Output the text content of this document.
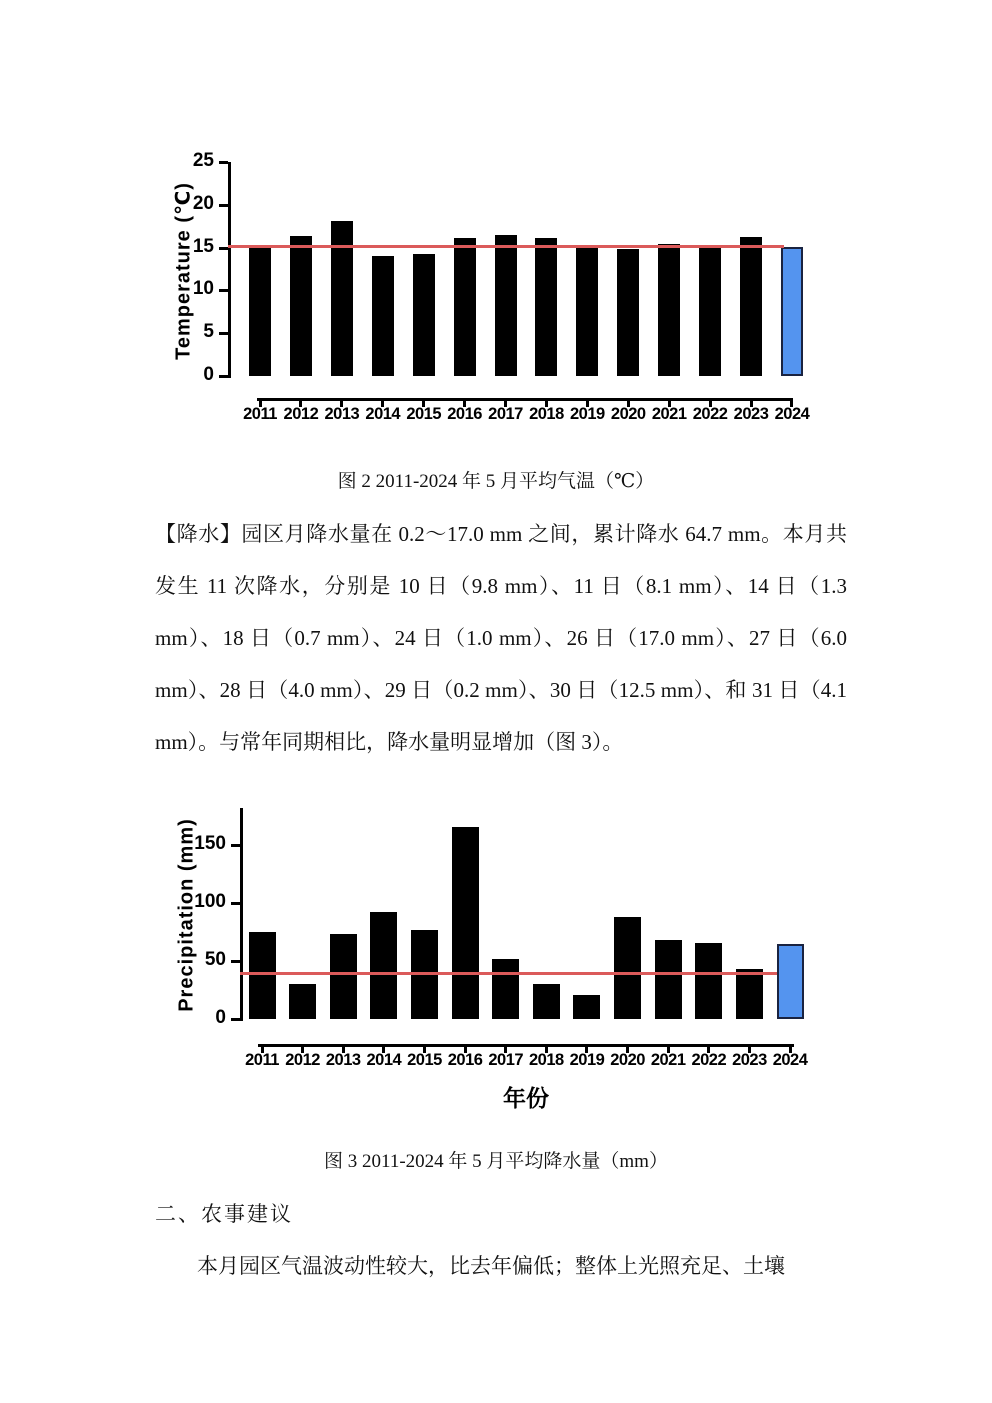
Temperature (℃)
0
5
10
15
20
25
2011 2012 2013 2014 2015 2016 2017 2018 2019 2020 2021 2022 2023 2024
图 2 2011-2024 年 5 月平均气温（℃）

【降水】园区月降水量在 0.2～17.0 mm 之间，累计降水 64.7 mm。本月共发生 11 次降水，分别是 10 日（9.8 mm）、11 日（8.1 mm）、14 日（1.3 mm）、18 日（0.7 mm）、24 日（1.0 mm）、26 日（17.0 mm）、27 日（6.0 mm）、28 日（4.0 mm）、29 日（0.2 mm）、30 日（12.5 mm）、和 31 日（4.1 mm）。与常年同期相比，降水量明显增加（图 3）。

Precipitation (mm)
0
50
100
150
2011 2012 2013 2014 2015 2016 2017 2018 2019 2020 2021 2022 2023 2024
年份
图 3 2011-2024 年 5 月平均降水量（mm）
二、农事建议

本月园区气温波动性较大，比去年偏低；整体上光照充足、土壤
